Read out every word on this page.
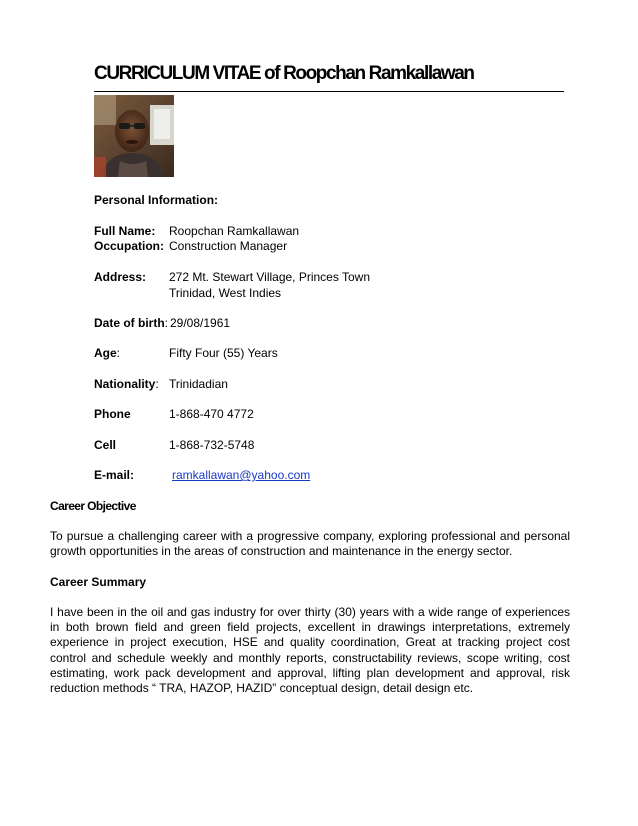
CURRICULUM VITAE of Roopchan Ramkallawan
Personal Information:
Full Name: Roopchan Ramkallawan
Occupation: Construction Manager
Address: 272 Mt. Stewart Village, Princes Town
Trinidad, West Indies
Date of birth: 29/08/1961
Age:	Fifty Four (55) Years
Nationality: Trinidadian
Phone	1-868-470 4772
Cell	1-868-732-5748
E-mail:	ramkallawan@yahoo.com
Career Objective
To pursue a challenging career with a progressive company, exploring professional and personal growth opportunities in the areas of construction and maintenance in the energy sector.
Career Summary
I have been in the oil and gas industry for over thirty (30) years with a wide range of experiences in both brown field and green field projects, excellent in drawings interpretations, extremely experience in project execution, HSE and quality coordination, Great at tracking project cost control and schedule weekly and monthly reports, constructability reviews, scope writing, cost estimating, work pack development and approval, lifting plan development and approval, risk reduction methods “ TRA, HAZOP, HAZID” conceptual design, detail design etc.
